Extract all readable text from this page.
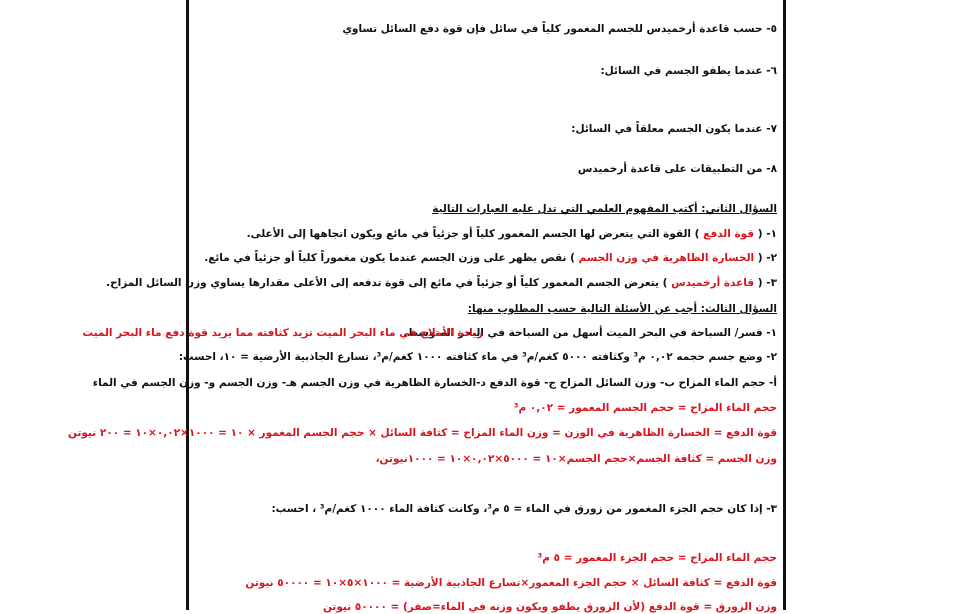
٥- حسب قاعدة أرخميدس للجسم المغمور كلياً في سائل فإن قوة دفع السائل تساوي
٦- عندما يطفو الجسم في السائل:
٧- عندما يكون الجسم معلقاً في السائل:
٨- من التطبيقات على قاعدة أرخميدس
السؤال الثاني: أكتب المفهوم العلمي التي تدل عليه العبارات التالية
١- ( قوة الدفع ) القوة التي يتعرض لها الجسم المغمور كلياً أو جزئياً في مائع ويكون اتجاهها إلى الأعلى.
٢- ( الخسارة الظاهرية في وزن الجسم ) نقص يظهر على وزن الجسم عندما يكون مغموراً كلياً أو جزئياً في مائع.
٣- ( قاعدة أرخميدس ) يتعرض الجسم المغمور كلياً أو جزئياً في مائع إلى قوة تدفعه إلى الأعلى مقدارها يساوي وزن السائل المزاح.
السؤال الثالث: أجب عن الأسئلة التالية حسب المطلوب منها:
١- فسر/ السباحة في البحر الميت أسهل من السباحة في البحر المتوسط.
زيادة الأملاح في ماء البحر الميت تزيد كثافته مما يزيد قوة دفع ماء البحر الميت
٢- وضع جسم حجمه ٠,٠٢ م³ وكثافته ٥٠٠٠ كغم/م³ في ماء كثافته ١٠٠٠ كغم/م³، تسارع الجاذبية الأرضية = ١٠، احسب:
أ- حجم الماء المزاح ب- وزن السائل المزاح ج- قوة الدفع د-الخسارة الظاهرية في وزن الجسم هـ- وزن الجسم و- وزن الجسم في الماء
حجم الماء المزاح = حجم الجسم المغمور = ٠,٠٢ م³
قوة الدفع = الخسارة الظاهرية في الوزن = وزن الماء المزاح = كثافة السائل × حجم الجسم المغمور × ١٠ = ١٠٠٠×٠,٠٢×١٠ = ٢٠٠ نيوتن
وزن الجسم = كثافة الجسم×حجم الجسم×١٠ = ٥٠٠٠×٠,٠٢×١٠ = ١٠٠٠نيوتن،
٣- إذا كان حجم الجزء المغمور من زورق في الماء = ٥ م³، وكانت كثافة الماء ١٠٠٠ كغم/م³ ، احسب:
حجم الماء المزاح = حجم الجزء المغمور = ٥ م³
قوة الدفع = كثافة السائل × حجم الجزء المغمور×تسارع الجاذبية الأرضية = ١٠٠٠×٥×١٠ = ٥٠٠٠٠ نيوتن
وزن الزورق = قوة الدفع (لأن الزورق يطفو ويكون وزنه في الماء=صفر) = ٥٠٠٠٠ نيوتن
